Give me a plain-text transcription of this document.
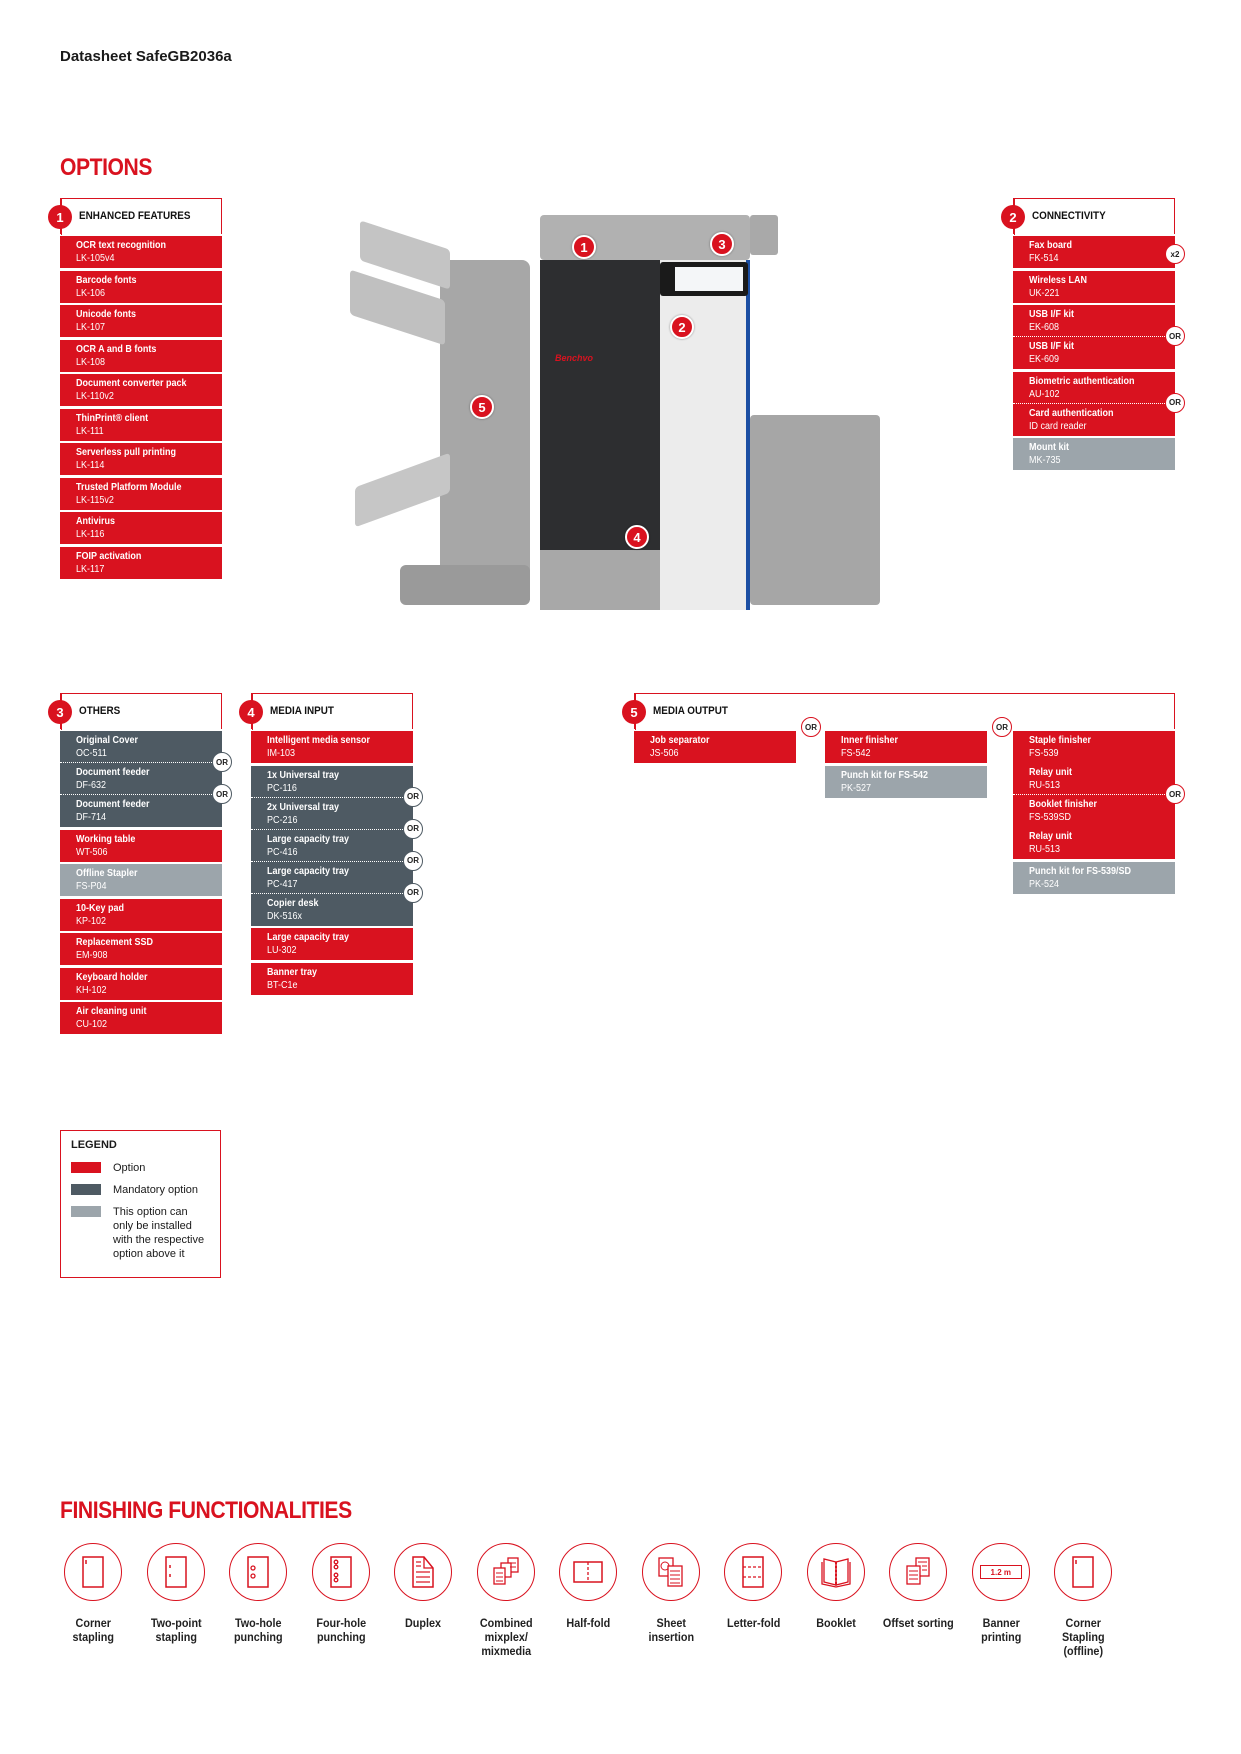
Datasheet SafeGB2036a
OPTIONS
1	ENHANCED FEATURES
OCR text recognition
LK-105v4
Barcode fonts
LK-106
Unicode fonts
LK-107
OCR A and B fonts
LK-108
Document converter pack
LK-110v2
ThinPrint® client
LK-111
Serverless pull printing
LK-114
Trusted Platform Module
LK-115v2
Antivirus
LK-116
FOIP activation
LK-117
2	CONNECTIVITY
Fax board
FK-514	x2
Wireless LAN
UK-221
USB I/F kit
EK-608
OR
USB I/F kit
EK-609
Biometric authentication
AU-102
OR
Card authentication
ID card reader
Mount kit
MK-735
Benchvo
1	3
2
5
4
3	OTHERS
Original Cover
OC-511
OR
Document feeder
DF-632
OR
Document feeder
DF-714
Working table
WT-506
Offline Stapler
FS-P04
10-Key pad
KP-102
Replacement SSD
EM-908
Keyboard holder
KH-102
Air cleaning unit
CU-102
4	MEDIA INPUT
Intelligent media sensor
IM-103
1x Universal tray
PC-116
OR
2x Universal tray
PC-216
OR
Large capacity tray
PC-416
OR
Large capacity tray
PC-417
OR
Copier desk
DK-516x
Large capacity tray
LU-302
Banner tray
BT-C1e
5	MEDIA OUTPUT
Job separator
JS-506
OR
Inner finisher
FS-542
Punch kit for FS-542
PK-527
OR
Staple finisher
FS-539
Relay unit
RU-513
OR
Booklet finisher
FS-539SD
Relay unit
RU-513
Punch kit for FS-539/SD
PK-524
LEGEND
Option
Mandatory option
This option can only be installed with the respective option above it
FINISHING FUNCTIONALITIES
Corner stapling
Two-point stapling
Two-hole punching
Four-hole punching
Duplex	Combined mixplex/ mixmedia
Half-fold	Sheet insertion
Letter-fold	Booklet Offset sorting
1.2 m
Banner printing
Corner Stapling (offline)
